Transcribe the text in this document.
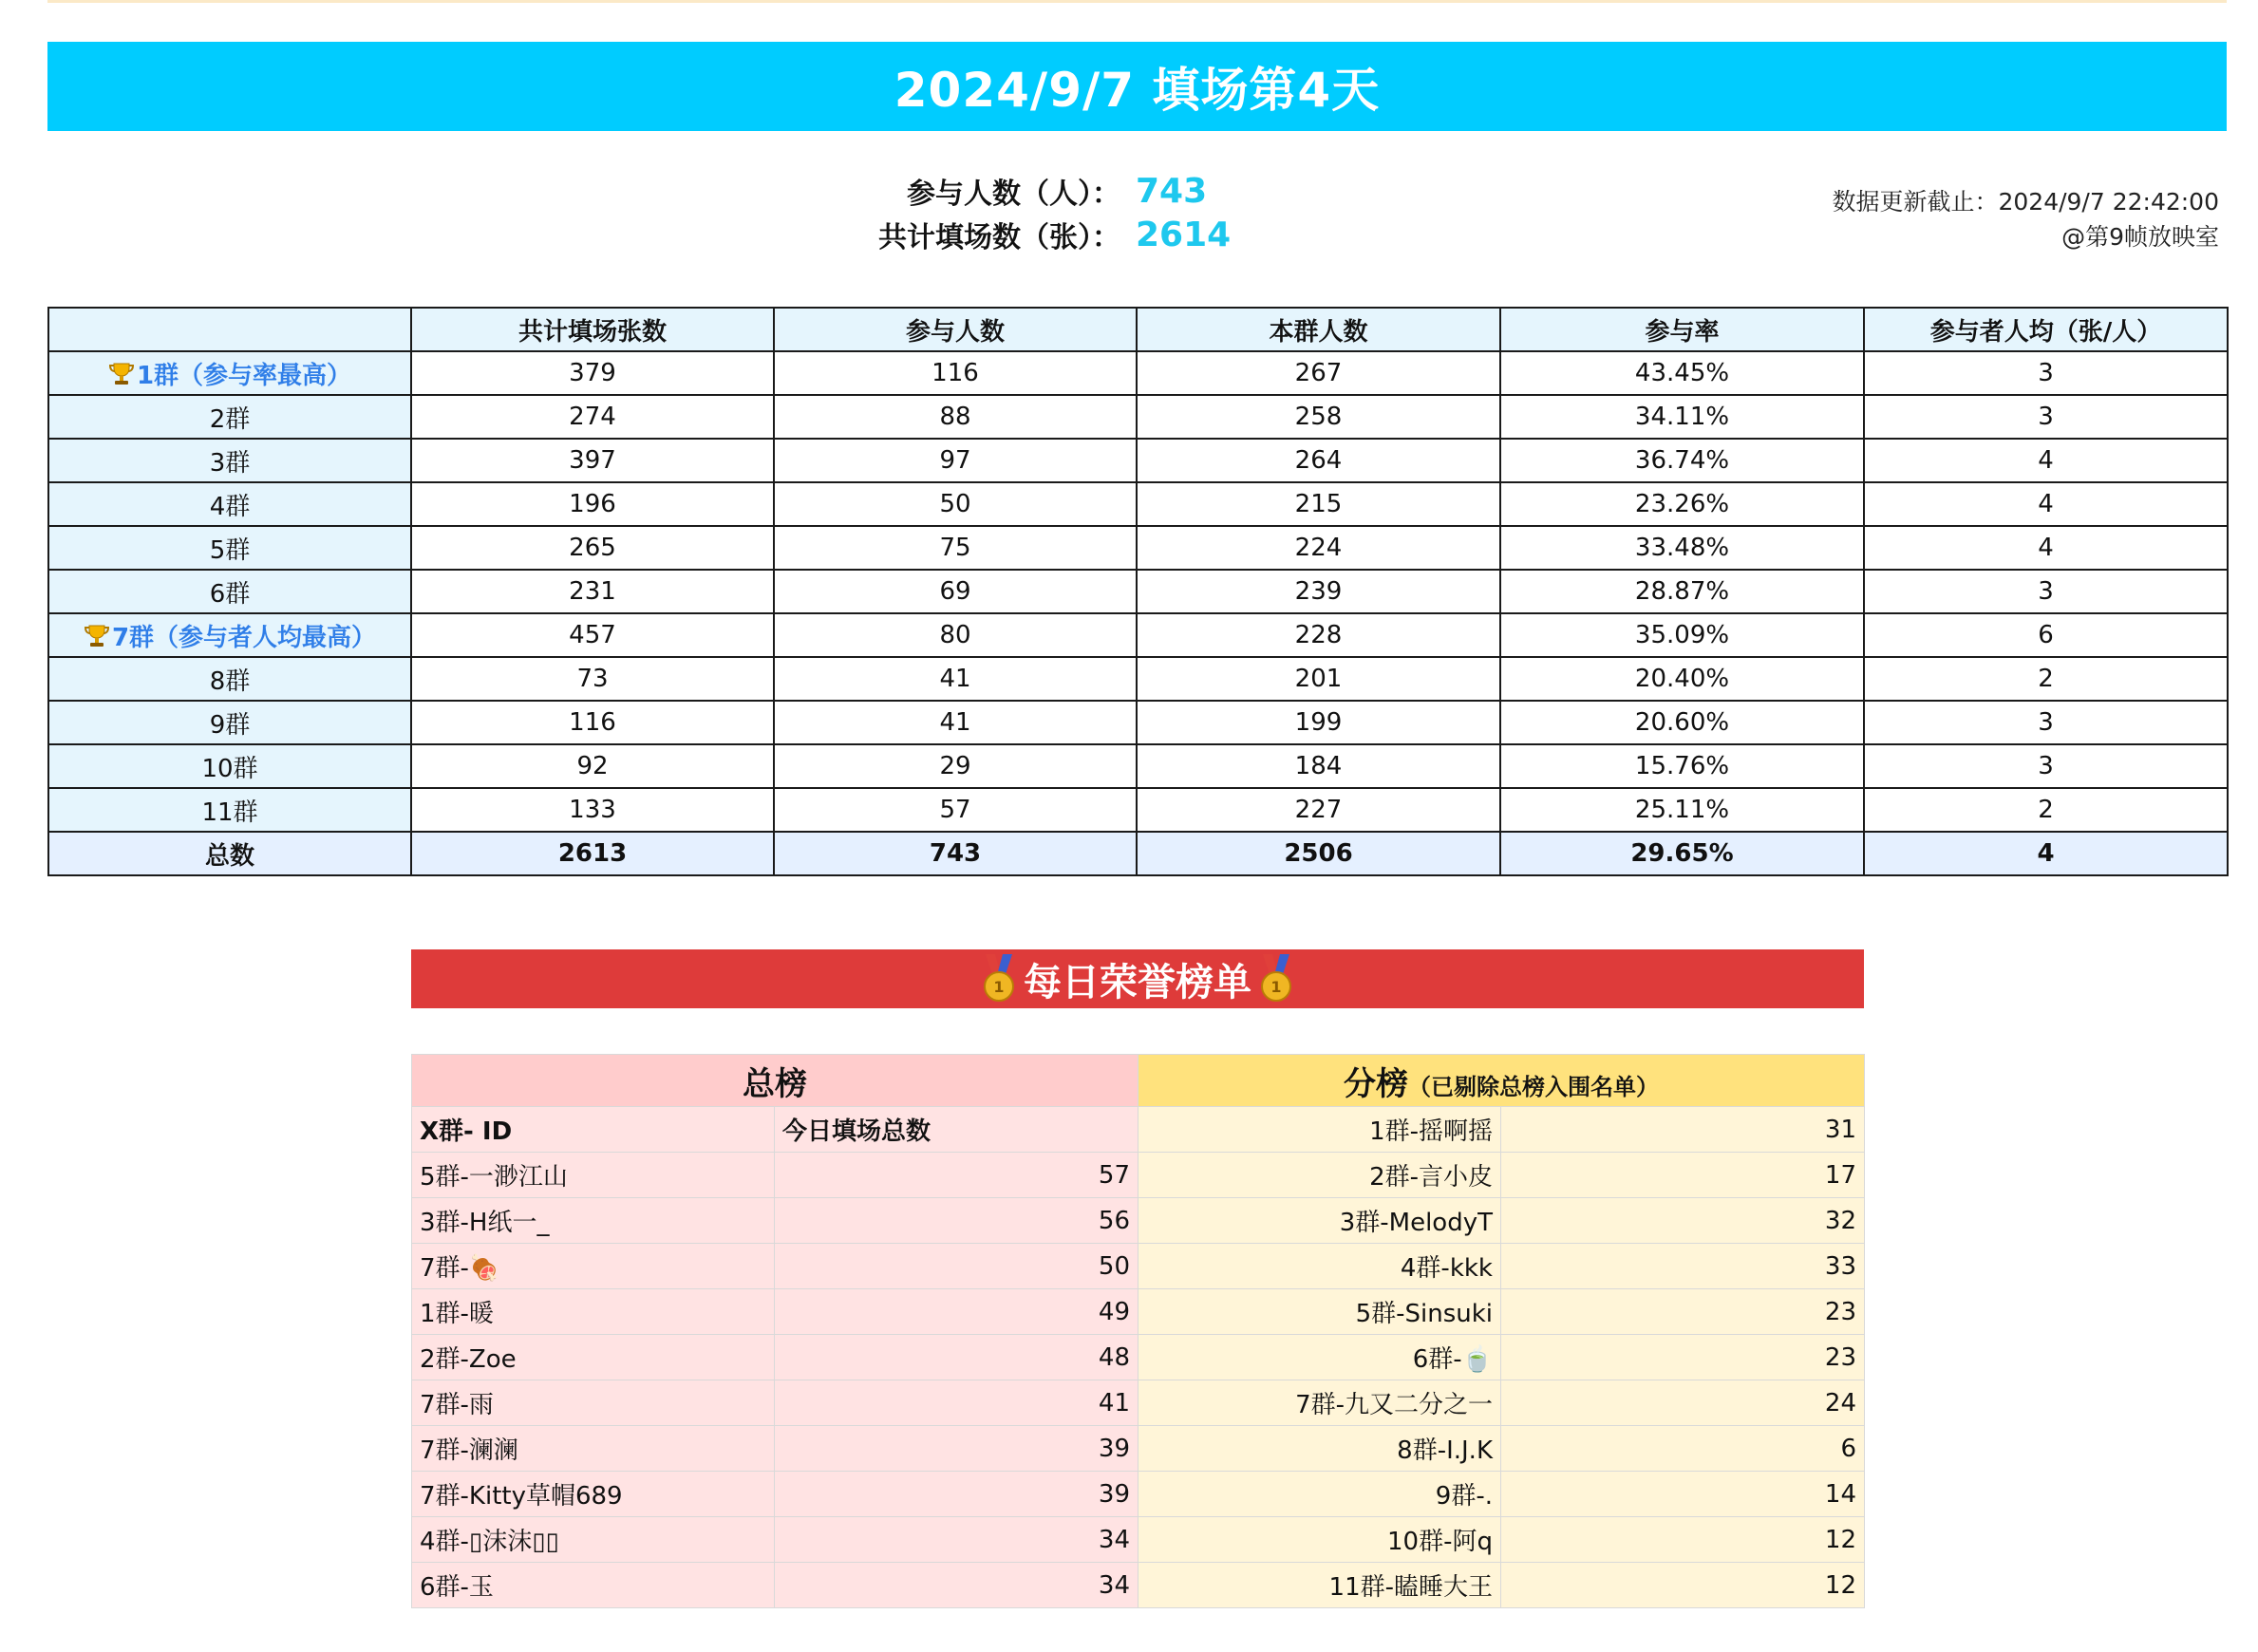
2024/9/7 填场第4天
参与人数（人）： 743
共计填场数（张）： 2614
数据更新截止：2024/9/7 22:42:00
@第9帧放映室
	共计填场张数	参与人数	本群人数	参与率	参与者人均（张/人）
1群（参与率最高）	379	116	267	43.45%	3
2群	274	88	258	34.11%	3
3群	397	97	264	36.74%	4
4群	196	50	215	23.26%	4
5群	265	75	224	33.48%	4
6群	231	69	239	28.87%	3
7群（参与者人均最高）	457	80	228	35.09%	6
8群	73	41	201	20.40%	2
9群	116	41	199	20.60%	3
10群	92	29	184	15.76%	3
11群	133	57	227	25.11%	2
总数	2613	743	2506	29.65%	4
1 每日荣誉榜单 1
总榜		分榜（已剔除总榜入围名单）	
X群- ID	今日填场总数	1群-摇啊摇	31
5群-一渺江山	57	2群-言小皮	17
3群-H纸一_	56	3群-MelodyT	32
7群-🍖	50	4群-kkk	33
1群-暖	49	5群-Sinsuki	23
2群-Zoe	48	6群-🍵	23
7群-雨	41	7群-九又二分之一	24
7群-澜澜	39	8群-I.J.K	6
7群-Kitty草帽689	39	9群-.	14
4群-▯沫沫▯▯	34	10群-阿q	12
6群-玉	34	11群-瞌睡大王	12
